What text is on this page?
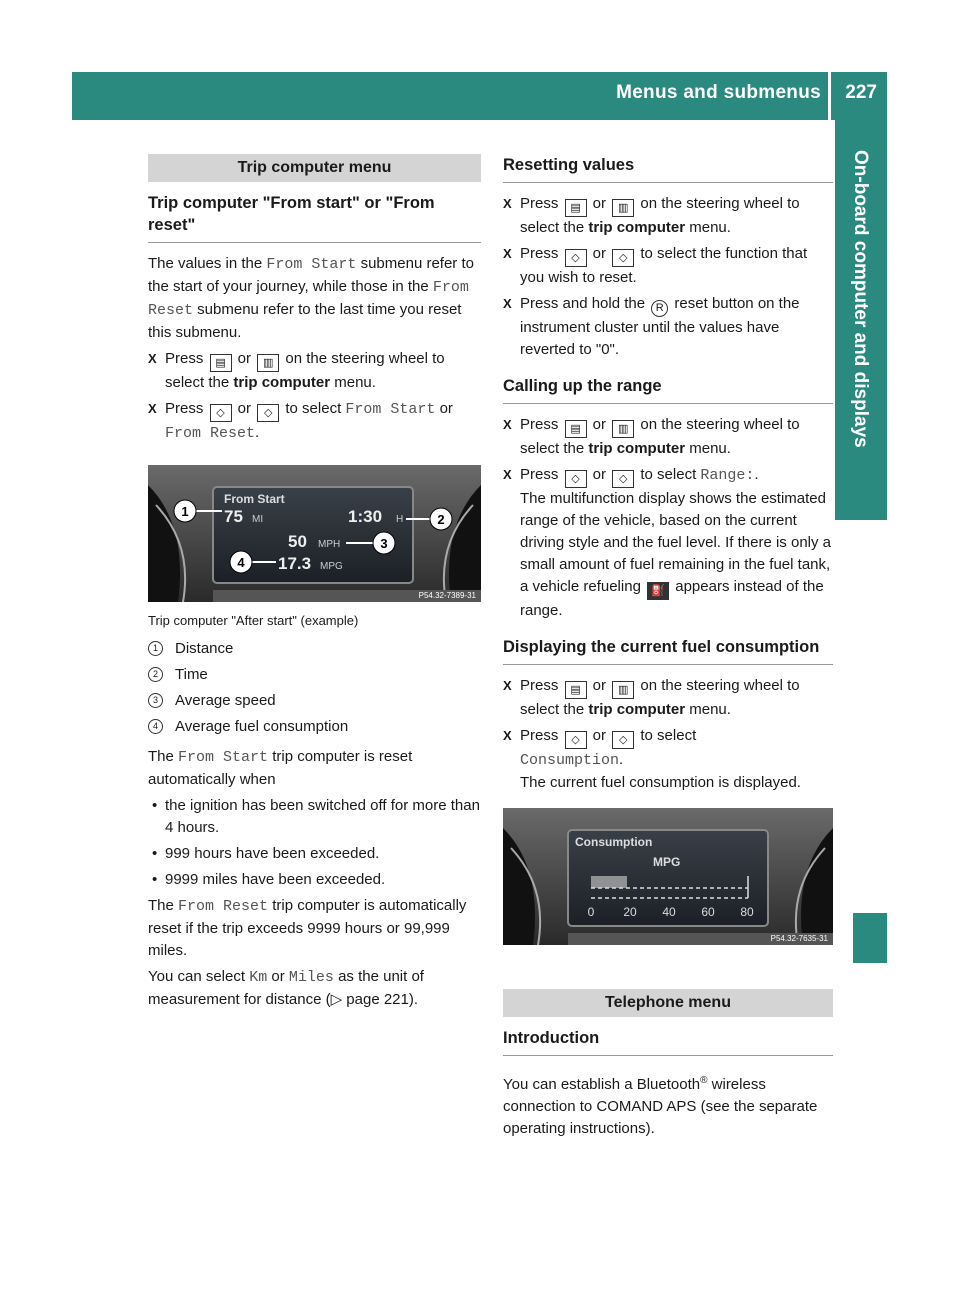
Menus and submenus 227
On-board computer and displays
Trip computer menu
Trip computer "From start" or "From reset"

The values in the From Start submenu refer to the start of your journey, while those in the From Reset submenu refer to the last time you reset this submenu.

X Press ▤ or ▥ on the steering wheel to select the trip computer menu.
X Press ◇ or ◇ to select From Start or From Reset.
From Start
75 MI	1:30 H
50 MPH
17.3 MPG
1
2
3
4
P54.32-7389-31
Trip computer "After start" (example)
1	Distance
2	Time
3	Average speed
4	Average fuel consumption

The From Start trip computer is reset automatically when

• the ignition has been switched off for more than 4 hours.
• 999 hours have been exceeded.
• 9999 miles have been exceeded.

The From Reset trip computer is automatically reset if the trip exceeds 9999 hours or 99,999 miles.

You can select Km or Miles as the unit of measurement for distance (▷ page 221).

Resetting values
X Press ▤ or ▥ on the steering wheel to select the trip computer menu.
X Press ◇ or ◇ to select the function that you wish to reset.
X Press and hold the R reset button on the instrument cluster until the values have reverted to "0".
Calling up the range
X Press ▤ or ▥ on the steering wheel to select the trip computer menu.
X Press ◇ or ◇ to select Range:.
The multifunction display shows the estimated range of the vehicle, based on the current driving style and the fuel level. If there is only a small amount of fuel remaining in the fuel tank, a vehicle refueling ⛽ appears instead of the range.
Displaying the current fuel consumption
X Press ▤ or ▥ on the steering wheel to select the trip computer menu.
X Press ◇ or ◇ to select
Consumption.
The current fuel consumption is displayed.
Consumption
MPG
0 20 40 60 80
P54.32-7635-31
Telephone menu
Introduction

You can establish a Bluetooth® wireless connection to COMAND APS (see the separate operating instructions).
